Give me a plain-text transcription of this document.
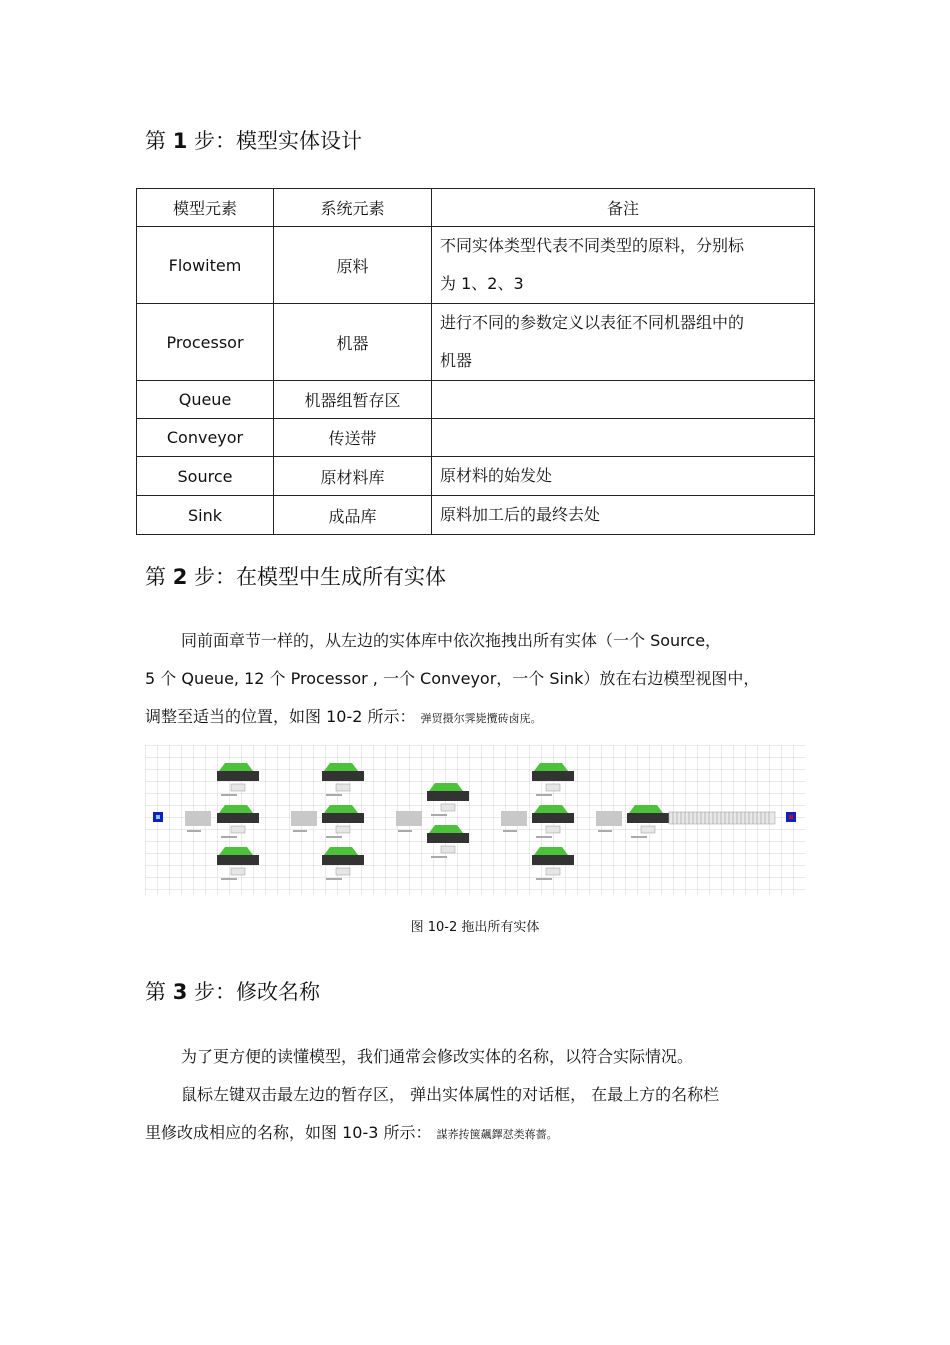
第 1 步：模型实体设计
模型元素	系统元素	备注
Flowitem	原料	不同实体类型代表不同类型的原料，分别标
为 1、2、3
Processor	机器	进行不同的参数定义以表征不同机器组中的
机器
Queue	机器组暂存区	
Conveyor	传送带	
Source	原材料库	原材料的始发处
Sink	成品库	原料加工后的最终去处
第 2 步：在模型中生成所有实体

同前面章节一样的，从左边的实体库中依次拖拽出所有实体（一个 Source，

5 个 Queue, 12 个 Processor , 一个 Conveyor，一个 Sink）放在右边模型视图中，

调整至适当的位置，如图 10-2 所示： 弹贸摄尔霁毙攬砖卤庑。

图 10-2 拖出所有实体
第 3 步：修改名称

为了更方便的读懂模型，我们通常会修改实体的名称，以符合实际情况。

鼠标左键双击最左边的暂存区， 弹出实体属性的对话框， 在最上方的名称栏

里修改成相应的名称，如图 10-3 所示： 謀荞抟箧飆鐸怼类蒋薔。
